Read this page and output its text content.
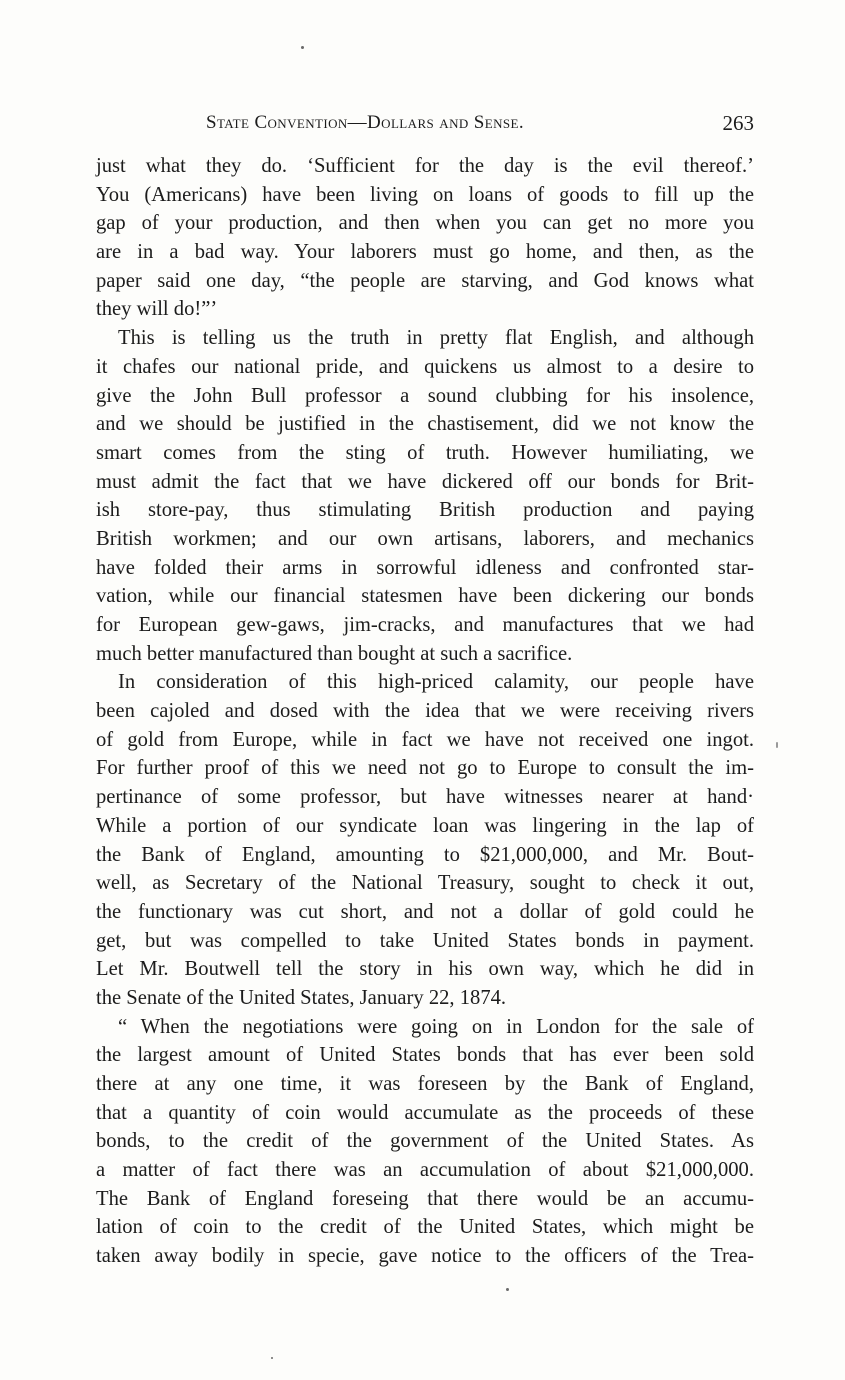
State Convention—Dollars and Sense.	263
just what they do. ‘Sufficient for the day is the evil thereof.’
You (Americans) have been living on loans of goods to fill up the
gap of your production, and then when you can get no more you
are in a bad way. Your laborers must go home, and then, as the
paper said one day, “the people are starving, and God knows what
they will do!”’
This is telling us the truth in pretty flat English, and although
it chafes our national pride, and quickens us almost to a desire to
give the John Bull professor a sound clubbing for his insolence,
and we should be justified in the chastisement, did we not know the
smart comes from the sting of truth. However humiliating, we
must admit the fact that we have dickered off our bonds for Brit-
ish store-pay, thus stimulating British production and paying
British workmen; and our own artisans, laborers, and mechanics
have folded their arms in sorrowful idleness and confronted star-
vation, while our financial statesmen have been dickering our bonds
for European gew-gaws, jim-cracks, and manufactures that we had
much better manufactured than bought at such a sacrifice.
In consideration of this high-priced calamity, our people have
been cajoled and dosed with the idea that we were receiving rivers
of gold from Europe, while in fact we have not received one ingot.
For further proof of this we need not go to Europe to consult the im-
pertinance of some professor, but have witnesses nearer at hand·
While a portion of our syndicate loan was lingering in the lap of
the Bank of England, amounting to $21,000,000, and Mr. Bout-
well, as Secretary of the National Treasury, sought to check it out,
the functionary was cut short, and not a dollar of gold could he
get, but was compelled to take United States bonds in payment.
Let Mr. Boutwell tell the story in his own way, which he did in
the Senate of the United States, January 22, 1874.
“ When the negotiations were going on in London for the sale of
the largest amount of United States bonds that has ever been sold
there at any one time, it was foreseen by the Bank of England,
that a quantity of coin would accumulate as the proceeds of these
bonds, to the credit of the government of the United States. As
a matter of fact there was an accumulation of about $21,000,000.
The Bank of England foreseing that there would be an accumu-
lation of coin to the credit of the United States, which might be
taken away bodily in specie, gave notice to the officers of the Trea-
